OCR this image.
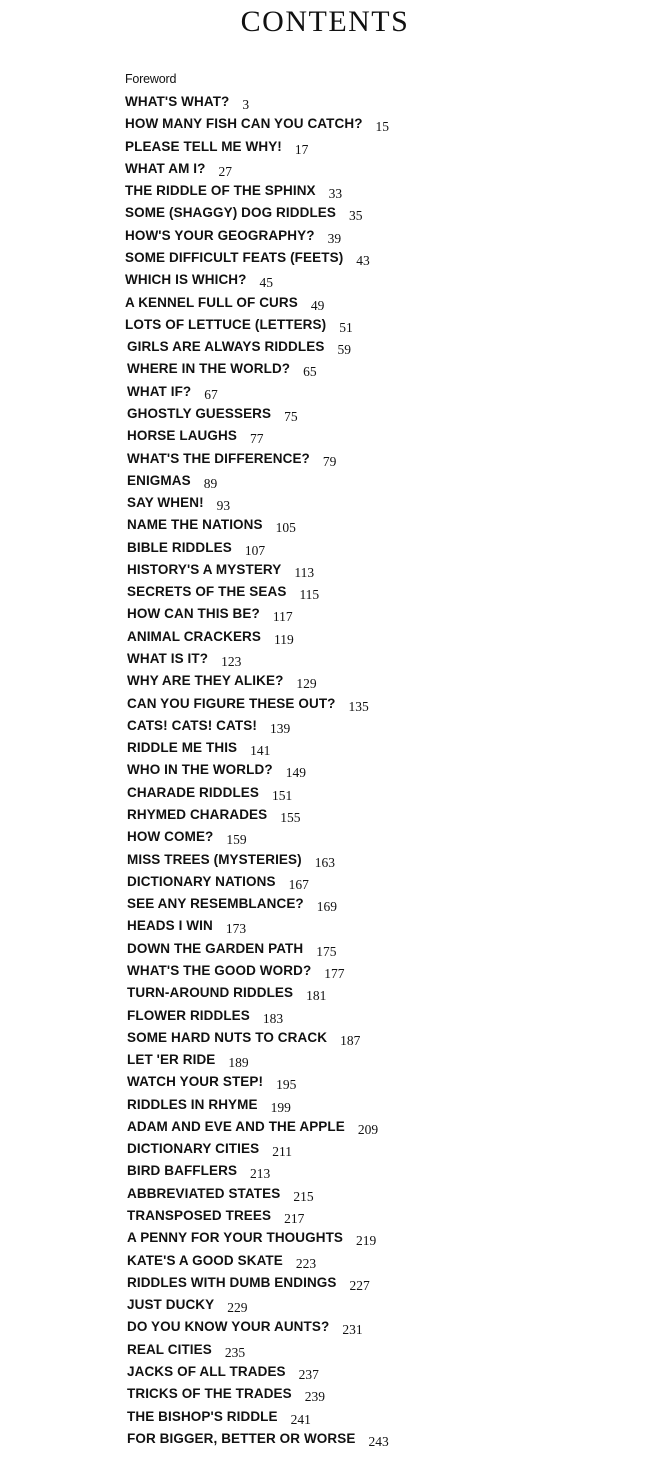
CONTENTS
Foreword
WHAT'S WHAT? 3
HOW MANY FISH CAN YOU CATCH? 15
PLEASE TELL ME WHY! 17
WHAT AM I? 27
THE RIDDLE OF THE SPHINX 33
SOME (SHAGGY) DOG RIDDLES 35
HOW'S YOUR GEOGRAPHY? 39
SOME DIFFICULT FEATS (FEETS) 43
WHICH IS WHICH? 45
A KENNEL FULL OF CURS 49
LOTS OF LETTUCE (LETTERS) 51
GIRLS ARE ALWAYS RIDDLES 59
WHERE IN THE WORLD? 65
WHAT IF? 67
GHOSTLY GUESSERS 75
HORSE LAUGHS 77
WHAT'S THE DIFFERENCE? 79
ENIGMAS 89
SAY WHEN! 93
NAME THE NATIONS 105
BIBLE RIDDLES 107
HISTORY'S A MYSTERY 113
SECRETS OF THE SEAS 115
HOW CAN THIS BE? 117
ANIMAL CRACKERS 119
WHAT IS IT? 123
WHY ARE THEY ALIKE? 129
CAN YOU FIGURE THESE OUT? 135
CATS! CATS! CATS! 139
RIDDLE ME THIS 141
WHO IN THE WORLD? 149
CHARADE RIDDLES 151
RHYMED CHARADES 155
HOW COME? 159
MISS TREES (MYSTERIES) 163
DICTIONARY NATIONS 167
SEE ANY RESEMBLANCE? 169
HEADS I WIN 173
DOWN THE GARDEN PATH 175
WHAT'S THE GOOD WORD? 177
TURN-AROUND RIDDLES 181
FLOWER RIDDLES 183
SOME HARD NUTS TO CRACK 187
LET 'ER RIDE 189
WATCH YOUR STEP! 195
RIDDLES IN RHYME 199
ADAM AND EVE AND THE APPLE 209
DICTIONARY CITIES 211
BIRD BAFFLERS 213
ABBREVIATED STATES 215
TRANSPOSED TREES 217
A PENNY FOR YOUR THOUGHTS 219
KATE'S A GOOD SKATE 223
RIDDLES WITH DUMB ENDINGS 227
JUST DUCKY 229
DO YOU KNOW YOUR AUNTS? 231
REAL CITIES 235
JACKS OF ALL TRADES 237
TRICKS OF THE TRADES 239
THE BISHOP'S RIDDLE 241
FOR BIGGER, BETTER OR WORSE 243
